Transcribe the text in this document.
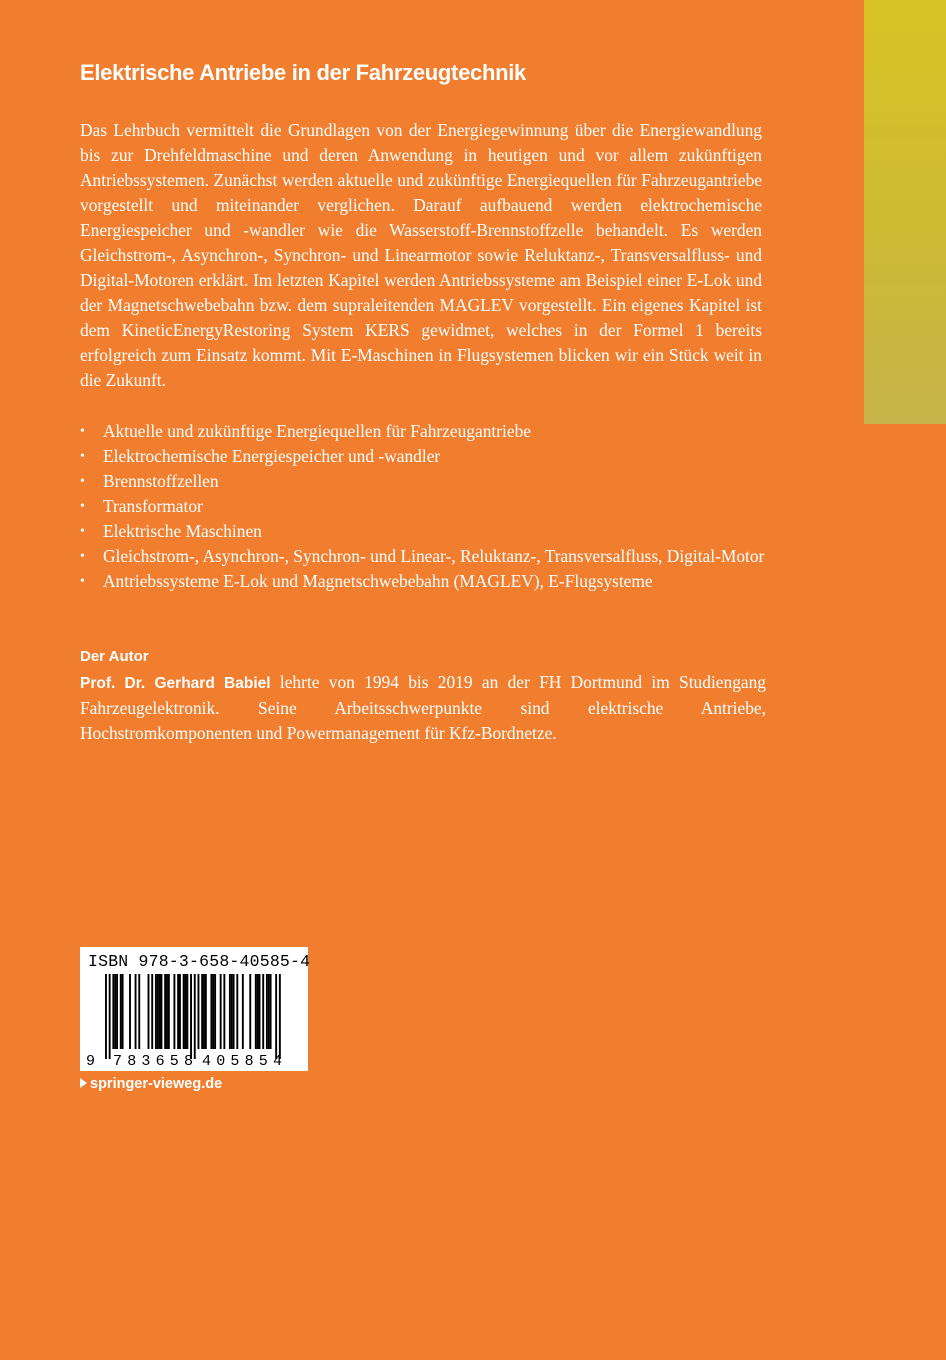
Elektrische Antriebe in der Fahrzeugtechnik

Das Lehrbuch vermittelt die Grundlagen von der Energiegewinnung über die Energiewandlung bis zur Drehfeldmaschine und deren Anwendung in heutigen und vor allem zukünftigen Antriebssystemen. Zunächst werden aktuelle und zukünftige Energiequellen für Fahrzeugantriebe vorgestellt und miteinander verglichen. Darauf aufbauend werden elektrochemische Energiespeicher und -wandler wie die Wasserstoff-Brennstoffzelle behandelt. Es werden Gleichstrom-, Asynchron-, Synchron- und Linearmotor sowie Reluktanz-, Transversalfluss- und Digital-Motoren erklärt. Im letzten Kapitel werden Antriebssysteme am Beispiel einer E-Lok und der Magnetschwebebahn bzw. dem supraleitenden MAGLEV vorgestellt. Ein eigenes Kapitel ist dem KineticEnergyRestoring System KERS gewidmet, welches in der Formel 1 bereits erfolgreich zum Einsatz kommt. Mit E-Maschinen in Flugsystemen blicken wir ein Stück weit in die Zukunft.

• Aktuelle und zukünftige Energiequellen für Fahrzeugantriebe
• Elektrochemische Energiespeicher und -wandler
• Brennstoffzellen
• Transformator
• Elektrische Maschinen
• Gleichstrom-, Asynchron-, Synchron- und Linear-, Reluktanz-, Transversalfluss, Digital-Motor
• Antriebssysteme E-Lok und Magnetschwebebahn (MAGLEV), E-Flugsysteme
Der Autor

Prof. Dr. Gerhard Babiel lehrte von 1994 bis 2019 an der FH Dortmund im Studiengang Fahrzeugelektronik. Seine Arbeitsschwerpunkte sind elektrische Antriebe, Hochstromkomponenten und Powermanagement für Kfz-Bordnetze.

ISBN 978-3-658-40585-4
9 783658 405854
springer-vieweg.de
